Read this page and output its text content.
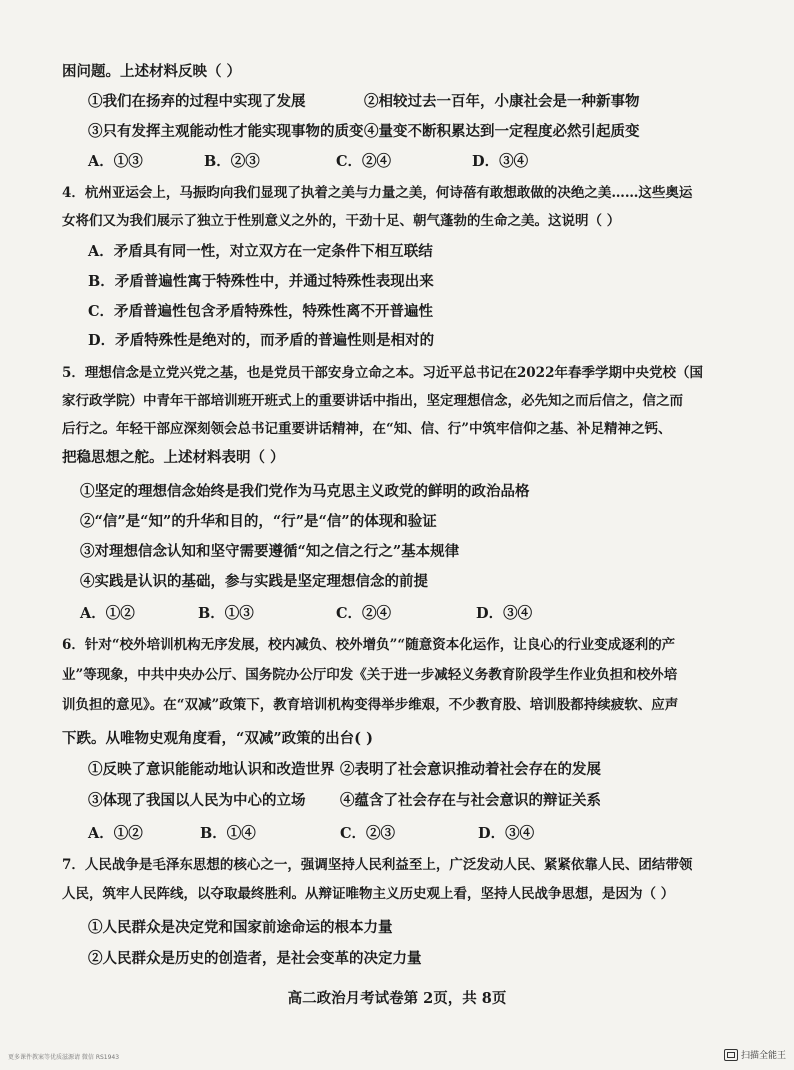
困问题。上述材料反映（ ）
①我们在扬弃的过程中实现了发展	②相较过去一百年，小康社会是一种新事物
③只有发挥主观能动性才能实现事物的质变 ④量变不断积累达到一定程度必然引起质变
A．①③	B．②③	C．②④	D．③④
4．杭州亚运会上，马振昀向我们显现了执着之美与力量之美，何诗蓓有敢想敢做的决绝之美……这些奥运
女将们又为我们展示了独立于性别意义之外的，干劲十足、朝气蓬勃的生命之美。这说明（ ）
A．矛盾具有同一性，对立双方在一定条件下相互联结
B．矛盾普遍性寓于特殊性中，并通过特殊性表现出来
C．矛盾普遍性包含矛盾特殊性，特殊性离不开普遍性
D．矛盾特殊性是绝对的，而矛盾的普遍性则是相对的
5．理想信念是立党兴党之基，也是党员干部安身立命之本。习近平总书记在2022年春季学期中央党校（国
家行政学院）中青年干部培训班开班式上的重要讲话中指出，坚定理想信念，必先知之而后信之，信之而
后行之。年轻干部应深刻领会总书记重要讲话精神，在“知、信、行”中筑牢信仰之基、补足精神之钙、
把稳思想之舵。上述材料表明（ ）
①坚定的理想信念始终是我们党作为马克思主义政党的鲜明的政治品格
②“信”是“知”的升华和目的，“行”是“信”的体现和验证
③对理想信念认知和坚守需要遵循“知之信之行之”基本规律
④实践是认识的基础，参与实践是坚定理想信念的前提
A．①②	B．①③	C．②④	D．③④
6．针对“校外培训机构无序发展，校内减负、校外增负”“随意资本化运作，让良心的行业变成逐利的产
业”等现象，中共中央办公厅、国务院办公厅印发《关于进一步减轻义务教育阶段学生作业负担和校外培
训负担的意见》。在“双减”政策下，教育培训机构变得举步维艰，不少教育股、培训股都持续疲软、应声
下跌。从唯物史观角度看，“双减”政策的出台( )
①反映了意识能能动地认识和改造世界 ②表明了社会意识推动着社会存在的发展
③体现了我国以人民为中心的立场 ④蕴含了社会存在与社会意识的辩证关系
A．①②	B．①④	C．②③	D．③④
7．人民战争是毛泽东思想的核心之一，强调坚持人民利益至上，广泛发动人民、紧紧依靠人民、团结带领
人民，筑牢人民阵线，以夺取最终胜利。从辩证唯物主义历史观上看，坚持人民战争思想，是因为（ ）
①人民群众是决定党和国家前途命运的根本力量
②人民群众是历史的创造者，是社会变革的决定力量
高二政治月考试卷第 2页，共 8页
更多课件教案等优质滋源请 微信 RS1943	扫描全能王
